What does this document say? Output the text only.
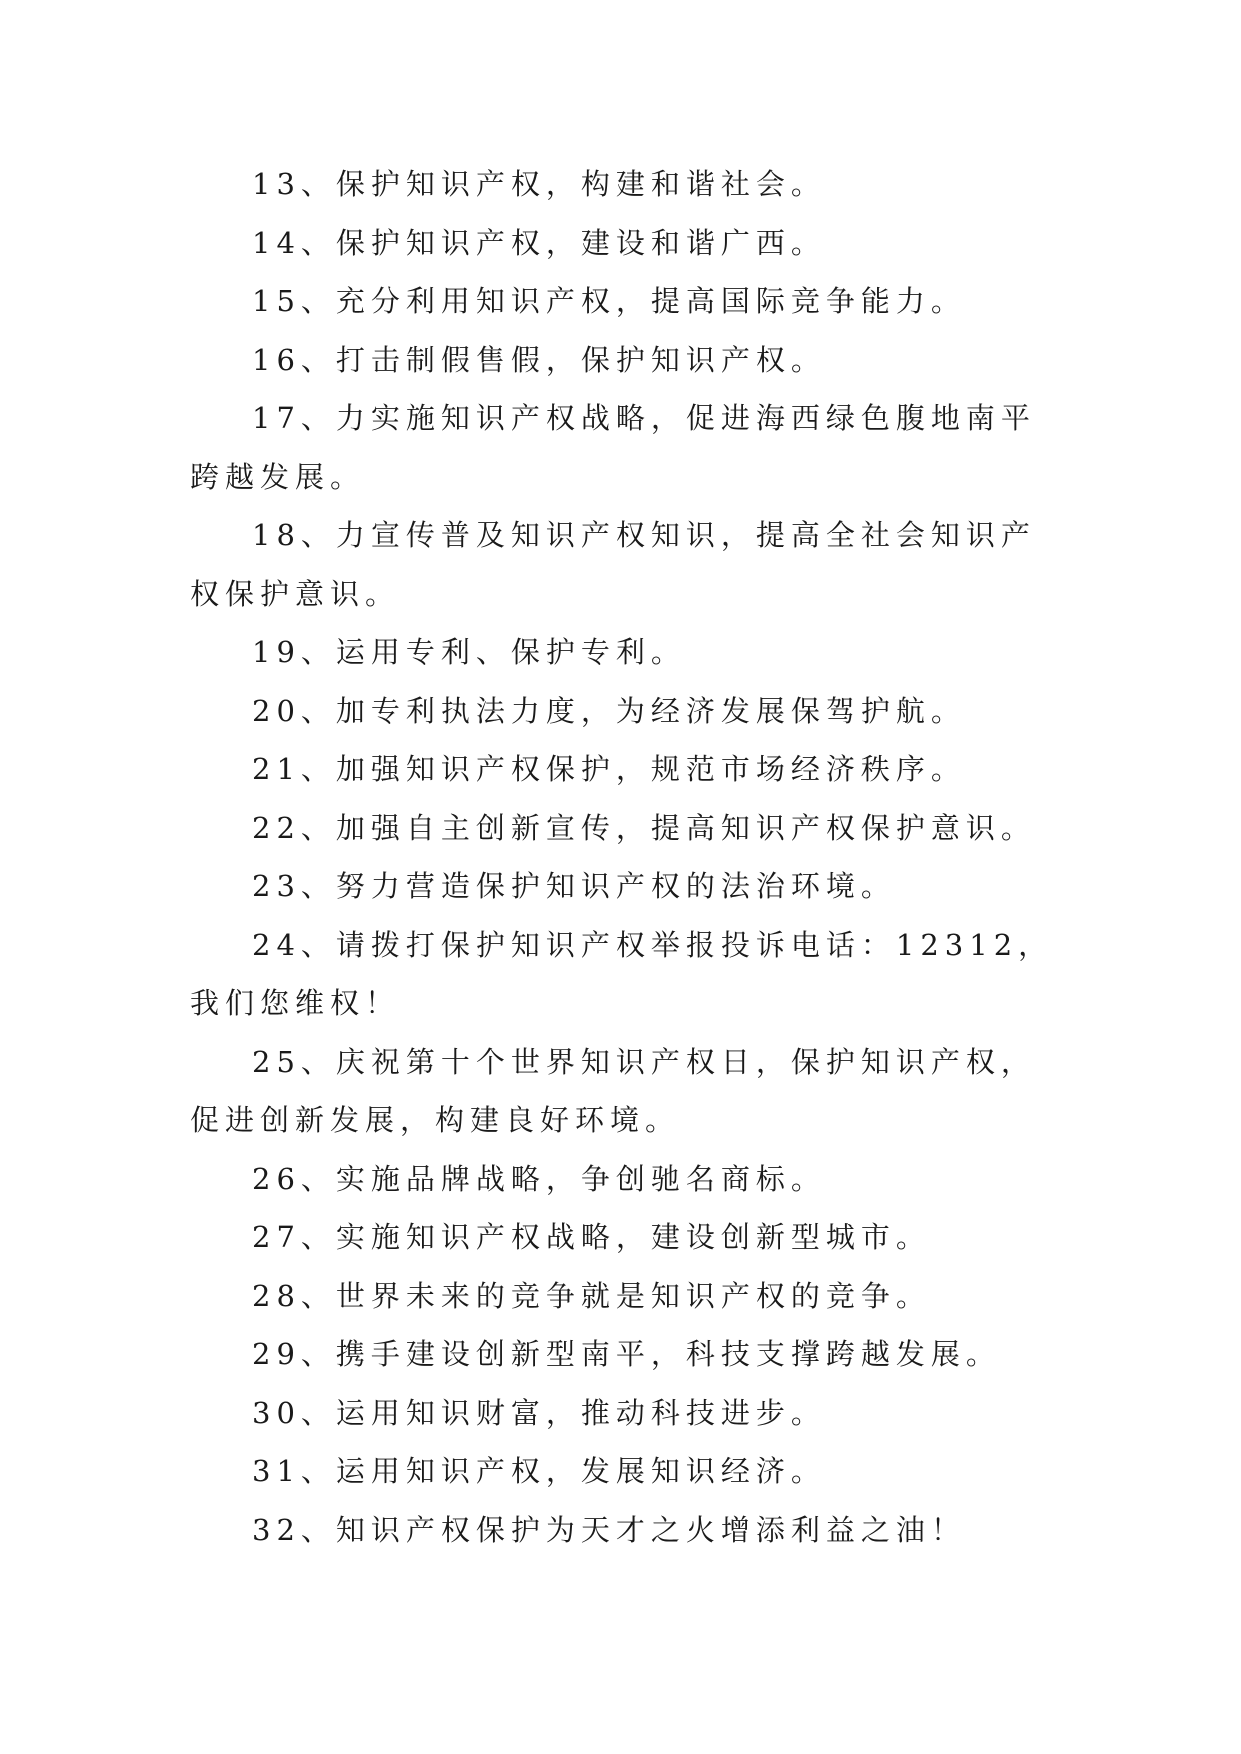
13、保护知识产权，构建和谐社会。

14、保护知识产权，建设和谐广西。

15、充分利用知识产权，提高国际竞争能力。

16、打击制假售假，保护知识产权。

17、力实施知识产权战略，促进海西绿色腹地南平跨越发展。

18、力宣传普及知识产权知识，提高全社会知识产权保护意识。

19、运用专利、保护专利。

20、加专利执法力度，为经济发展保驾护航。

21、加强知识产权保护，规范市场经济秩序。

22、加强自主创新宣传，提高知识产权保护意识。

23、努力营造保护知识产权的法治环境。

24、请拨打保护知识产权举报投诉电话：12312，我们您维权！

25、庆祝第十个世界知识产权日，保护知识产权，促进创新发展，构建良好环境。

26、实施品牌战略，争创驰名商标。

27、实施知识产权战略，建设创新型城市。

28、世界未来的竞争就是知识产权的竞争。

29、携手建设创新型南平，科技支撑跨越发展。

30、运用知识财富，推动科技进步。

31、运用知识产权，发展知识经济。

32、知识产权保护为天才之火增添利益之油！
